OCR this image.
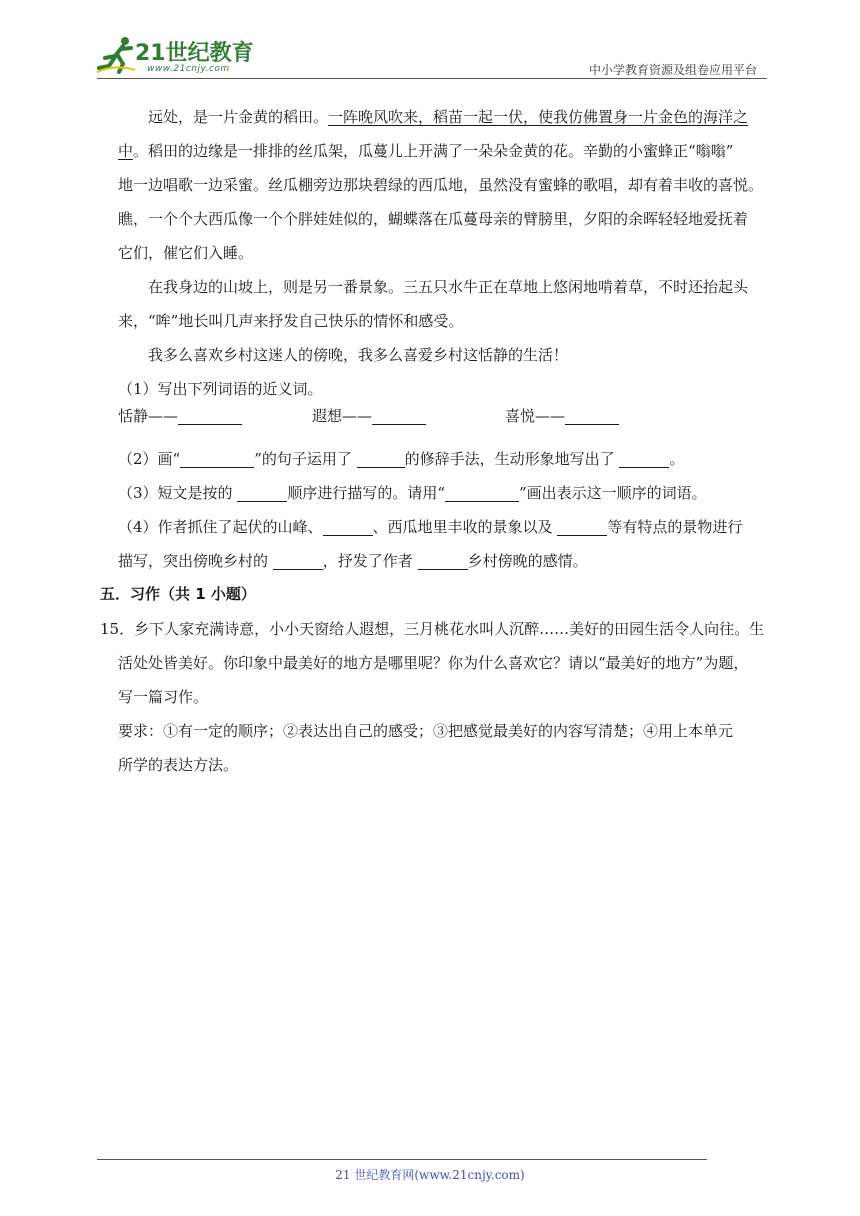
21世纪教育
www.21cnjy.com	中小学教育资源及组卷应用平台
远处，是一片金黄的稻田。一阵晚风吹来，稻苗一起一伏，使我仿佛置身一片金色的海洋之
中。稻田的边缘是一排排的丝瓜架，瓜蔓儿上开满了一朵朵金黄的花。辛勤的小蜜蜂正“嗡嗡”
地一边唱歌一边采蜜。丝瓜棚旁边那块碧绿的西瓜地，虽然没有蜜蜂的歌唱，却有着丰收的喜悦。
瞧，一个个大西瓜像一个个胖娃娃似的，蝴蝶落在瓜蔓母亲的臂膀里，夕阳的余晖轻轻地爱抚着
它们，催它们入睡。
在我身边的山坡上，则是另一番景象。三五只水牛正在草地上悠闲地啃着草，不时还抬起头
来，“哞”地长叫几声来抒发自己快乐的情怀和感受。
我多么喜欢乡村这迷人的傍晚，我多么喜爱乡村这恬静的生活！
（1）写出下列词语的近义词。
恬静——	遐想——	喜悦——
（2）画“	”的句子运用了	的修辞手法，生动形象地写出了	。
（3）短文是按的	顺序进行描写的。请用“	”画出表示这一顺序的词语。
（4）作者抓住了起伏的山峰、	、西瓜地里丰收的景象以及	等有特点的景物进行
描写，突出傍晚乡村的	，抒发了作者	乡村傍晚的感情。
五．习作（共 1 小题）
15．乡下人家充满诗意，小小天窗给人遐想，三月桃花水叫人沉醉……美好的田园生活令人向往。生
活处处皆美好。你印象中最美好的地方是哪里呢？你为什么喜欢它？请以“最美好的地方”为题，
写一篇习作。
要求：①有一定的顺序；②表达出自己的感受；③把感觉最美好的内容写清楚；④用上本单元
所学的表达方法。
21 世纪教育网(www.21cnjy.com)
